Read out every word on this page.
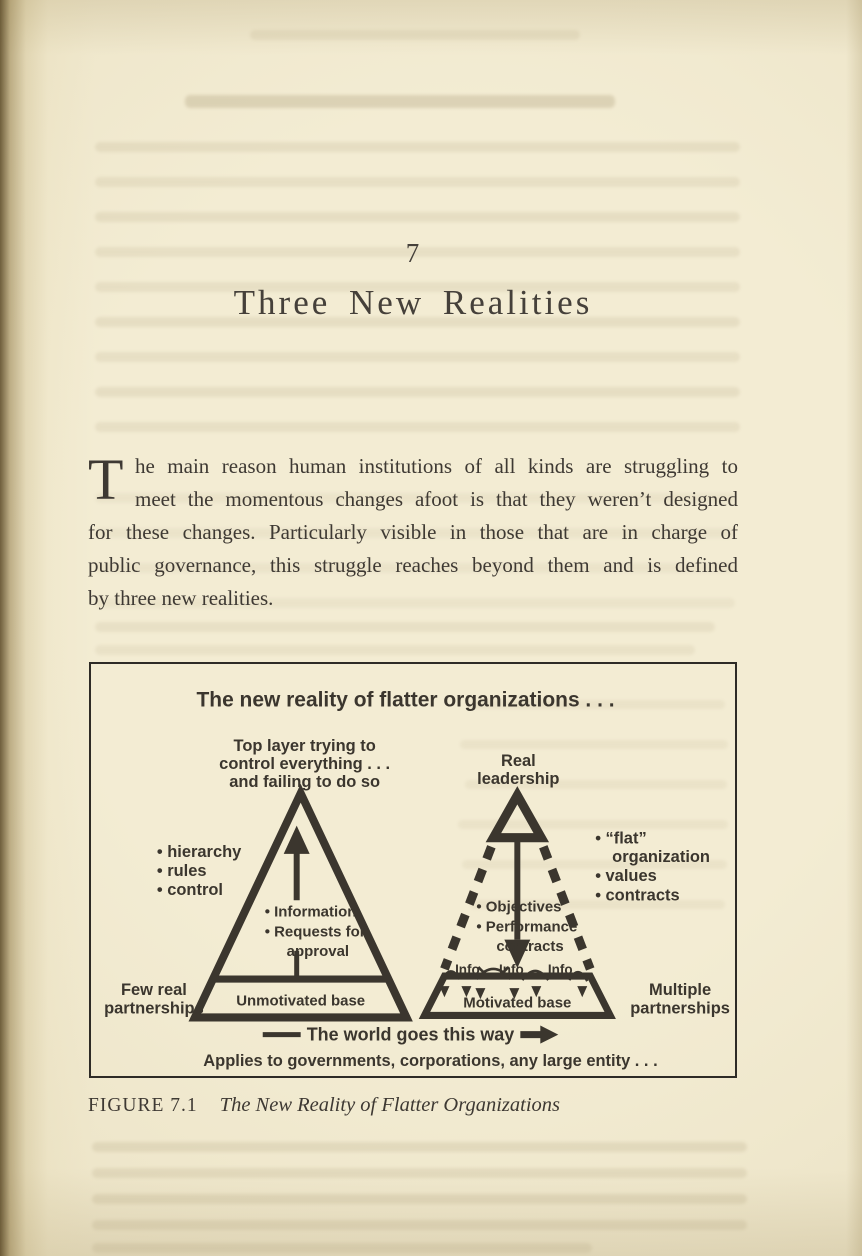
7
Three New Realities
T he main reason human institutions of all kinds are struggling to
meet the momentous changes afoot is that they weren’t designed
for these changes. Particularly visible in those that are in charge of
public governance, this struggle reaches beyond them and is defined
by three new realities.
The new reality of flatter organizations . . .
Top layer trying to
control everything . . .
and failing to do so
• Information
• Requests for
approval
• hierarchy
• rules
• control
Unmotivated base
Few real
partnerships
Real
leadership
• Objectives
• Performance
contracts
Info Info Info
Motivated base
• “flat”
organization
• values
• contracts
Multiple
partnerships
The world goes this way
Applies to governments, corporations, any large entity . . .
FIGURE 7.1 The New Reality of Flatter Organizations
